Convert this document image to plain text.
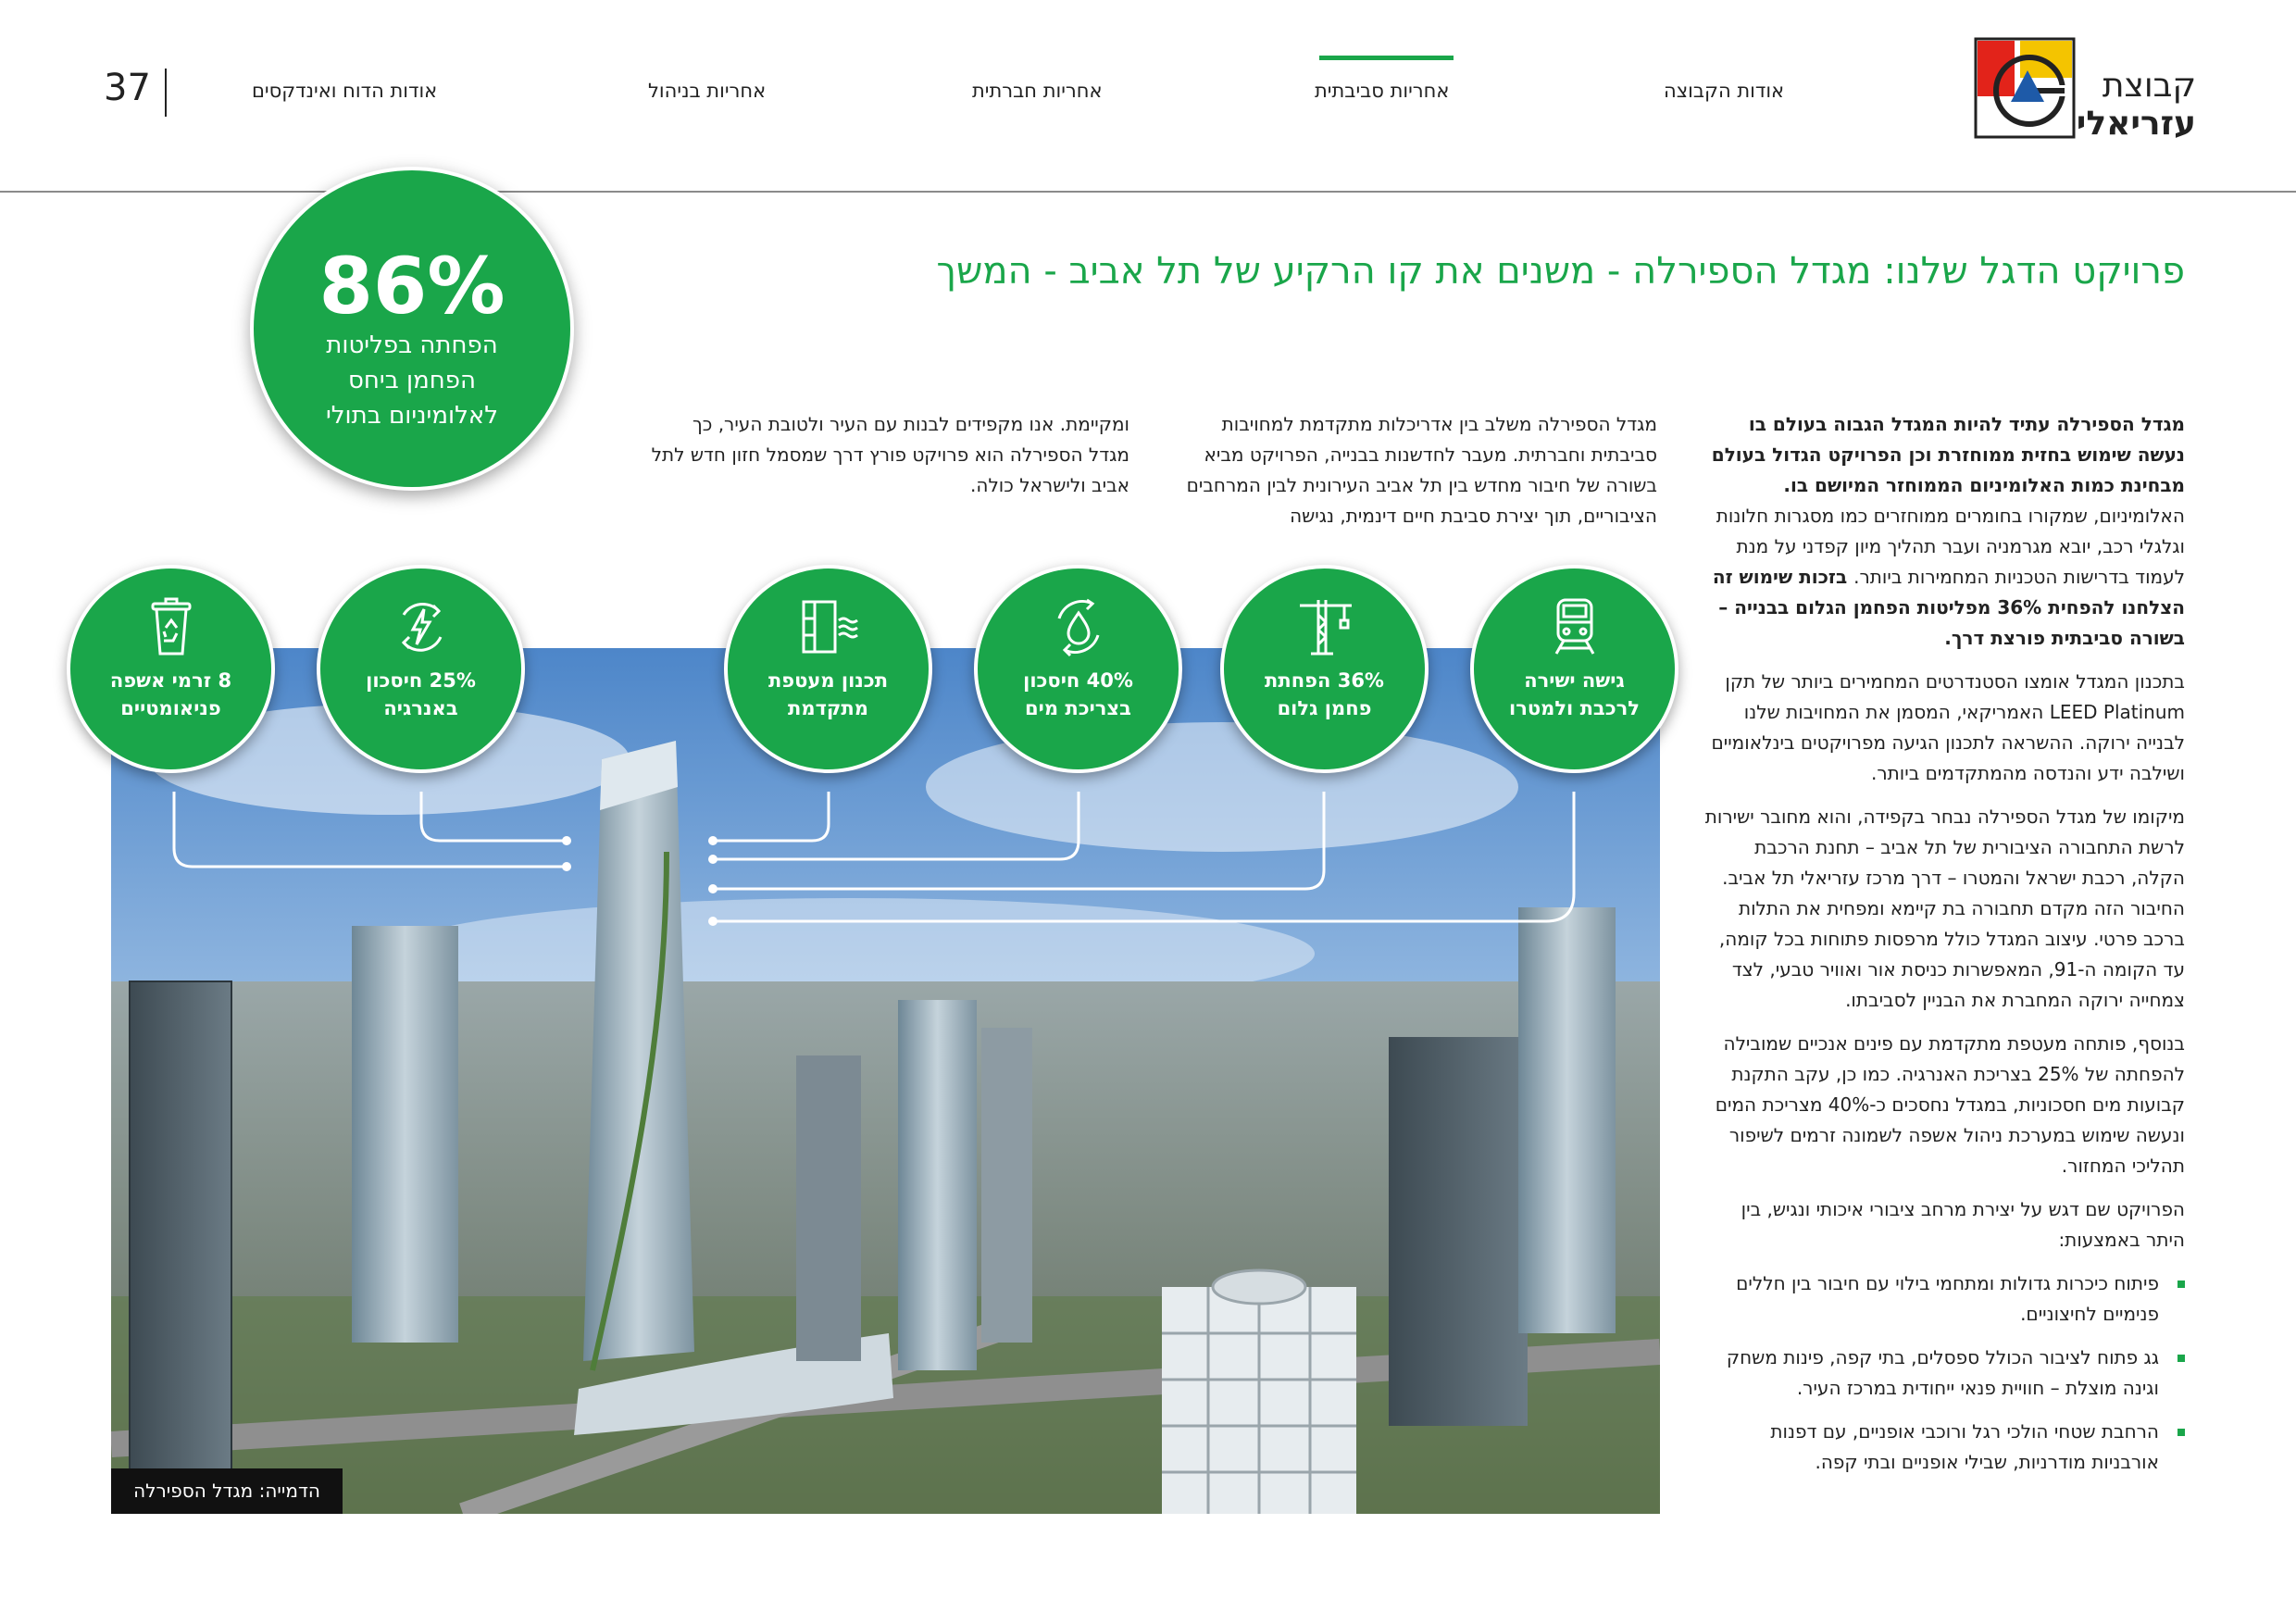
37	אודות הדוח ואינדקסים	אחריות בניהול	אחריות חברתית	אחריות סביבתית	אודות הקבוצה	קבוצת
עזריאלי
פרויקט הדגל שלנו: מגדל הספירלה - משנים את קו הרקיע של תל אביב - המשך
86%
הפחתה בפליטות
הפחמן ביחס
לאלומיניום בתולי	מגדל הספירלה משלב בין אדריכלות מתקדמת למחויבות סביבתית וחברתית. מעבר לחדשנות בבנייה, הפרויקט מביא בשורה של חיבור מחדש בין תל אביב העירונית לבין המרחבים הציבוריים, תוך יצירת סביבת חיים דינמית, נגישה

ומקיימת. אנו מקפידים לבנות עם העיר ולטובת העיר, כך מגדל הספירלה הוא פרויקט פורץ דרך שמסמל חזון חדש לתל אביב ולישראל כולה.

מגדל הספירלה עתיד להיות המגדל הגבוה בעולם בו נעשה שימוש בחזית ממוחזרת וכן הפרויקט הגדול בעולם מבחינת כמות האלומיניום הממוחזר המיושם בו. האלומיניום, שמקורו בחומרים ממוחזרים כמו מסגרות חלונות וגלגלי רכב, יובא מגרמניה ועבר תהליך מיון קפדני על מנת לעמוד בדרישות הטכניות המחמירות ביותר. בזכות שימוש זה הצלחנו להפחית 36% מפליטות הפחמן הגלום בבנייה – בשורה סביבתית פורצת דרך.

בתכנון המגדל אומצו הסטנדרטים המחמירים ביותר של תקן LEED Platinum האמריקאי, המסמן את המחויבות שלנו לבנייה ירוקה. ההשראה לתכנון הגיעה מפרויקטים בינלאומיים ושילבה ידע והנדסה מהמתקדמים ביותר.

מיקומו של מגדל הספירלה נבחר בקפידה, והוא מחובר ישירות לרשת התחבורה הציבורית של תל אביב – תחנת הרכבת הקלה, רכבת ישראל והמטרו – דרך מרכז עזריאלי תל אביב. החיבור הזה מקדם תחבורה בת קיימא ומפחית את התלות ברכב פרטי. עיצוב המגדל כולל מרפסות פתוחות בכל קומה, עד הקומה ה-91, המאפשרות כניסת אור ואוויר טבעי, לצד צמחייה ירוקה המחברת את הבניין לסביבתו.

בנוסף, פותחה מעטפת מתקדמת עם פינים אנכיים שמובילה להפחתה של 25% בצריכת האנרגיה. כמו כן, עקב התקנת קבועות מים חסכוניות, במגדל נחסכים כ-40% מצריכת המים ונעשה שימוש במערכת ניהול אשפה לשמונה זרמים לשיפור תהליכי המחזור.

הפרויקט שם דגש על יצירת מרחב ציבורי איכותי ונגיש, בין היתר באמצעות:

פיתוח כיכרות גדולות ומתחמי בילוי עם חיבור בין חללים פנימיים לחיצוניים.
גג פתוח לציבור הכולל ספסלים, בתי קפה, פינות משחק וגינה מוצלת – חוויית פנאי ייחודית במרכז העיר.
הרחבת שטחי הולכי רגל ורוכבי אופניים, עם דפנות אורבניות מודרניות, שבילי אופניים ובתי קפה.
הדמייה: מגדל הספירלה
גישה ישירה
לרכבת ולמטרו
36% הפחתת
פחמן גלום
40% חיסכון
בצריכת מים
תכנון מעטפת
מתקדמת
25% חיסכון
באנרגיה
8 זרמי אשפה
פניאומטיים
